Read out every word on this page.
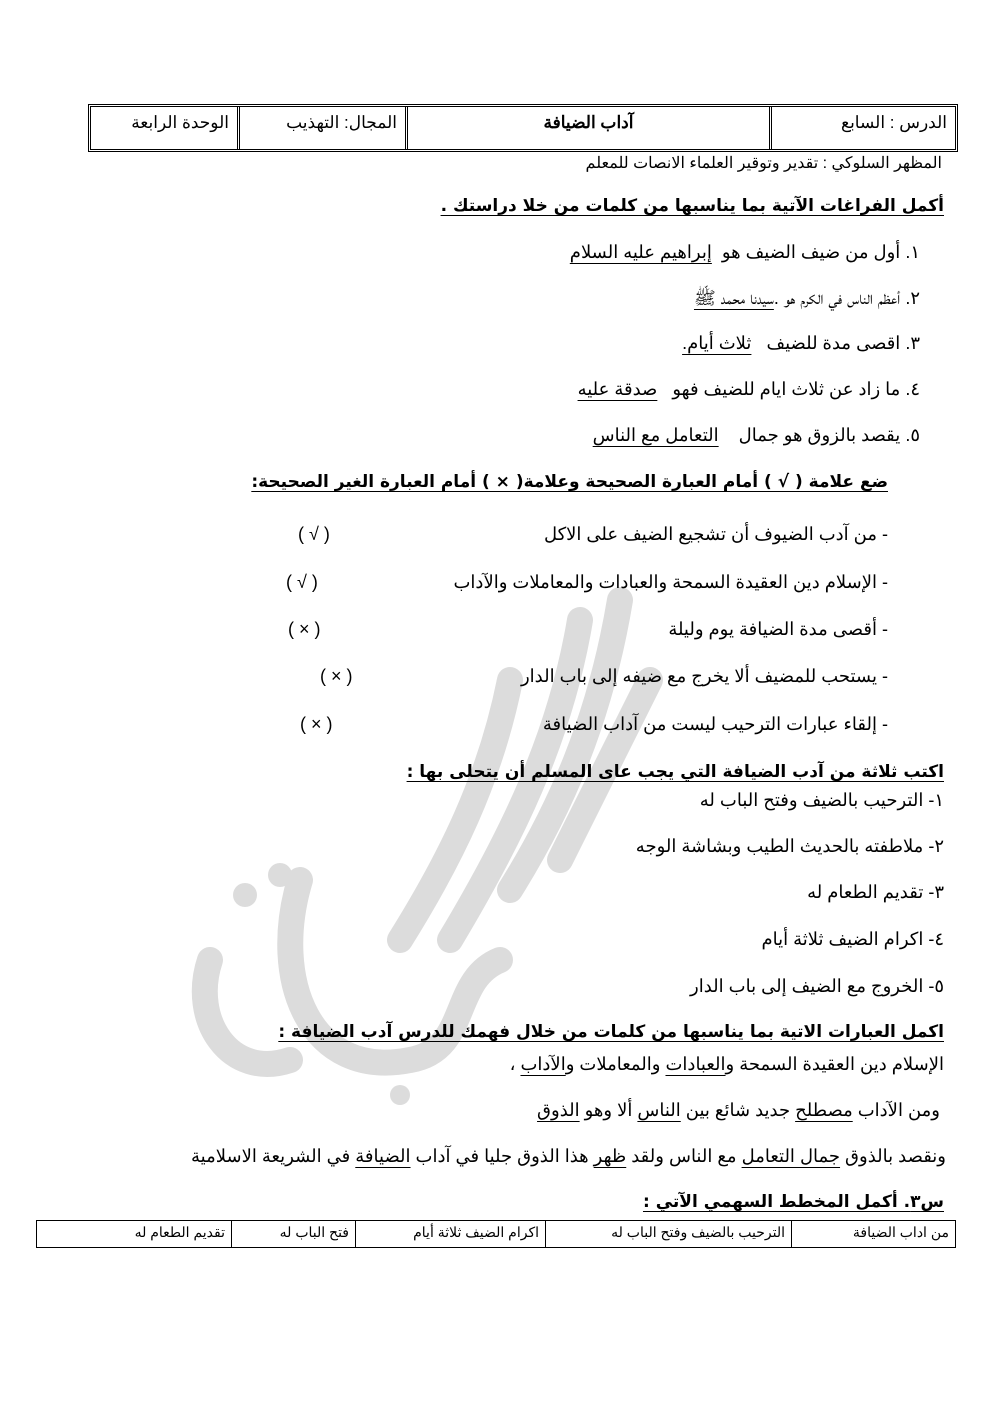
الدرس : السابع
آداب الضيافة
المجال: التهذيب
الوحدة الرابعة
المظهر السلوكي : تقدير وتوقير العلماء الانصات للمعلم
أكمل الفراغات الآتية بما يناسبها من كلمات من خلا دراستك .
١. أول من ضيف الضيف هو  إبراهيم عليه السلام
٢. أعظم الناس في الكرم هو .سيدنا محمد ﷺ
٣. اقصى مدة للضيف   ثلاث أيام.
٤. ما زاد عن ثلاث ايام للضيف فهو   صدقة عليه
٥. يقصد بالزوق هو جمال    التعامل مع الناس
ضع علامة ( √ ) أمام العبارة الصحيحة وعلامة( × ) أمام العبارة الغير الصحيحة:
- من آدب الضيوف أن تشجيع الضيف على الاكل
( √ )
- الإسلام دين العقيدة السمحة والعبادات والمعاملات والآداب
( √ )
- أقصى مدة الضيافة يوم وليلة
( × )
- يستحب للمضيف ألا يخرج مع ضيفه إلى باب الدار
( × )
- إلقاء عبارات الترحيب ليست من آداب الضيافة
( × )
اكتب ثلاثة من آدب الضيافة التي يجب عاى المسلم أن يتحلى بها :
١- الترحيب بالضيف وفتح الباب له
٢- ملاطفته بالحديث الطيب وبشاشة الوجه
٣- تقديم الطعام له
٤- اكرام الضيف ثلاثة أيام
٥- الخروج مع الضيف إلى باب الدار
اكمل العبارات الاتية بما يناسبها من كلمات من خلال فهمك للدرس آدب الضيافة :
الإسلام دين العقيدة السمحة والعبادات والمعاملات والآداب ،
ومن الآداب مصطلح جديد شائع بين الناس ألا وهو الذوق
ونقصد بالذوق جمال التعامل مع الناس ولقد ظهر هذا الذوق جليا في آداب الضيافة في الشريعة الاسلامية
س٣. أكمل المخطط السهمي الآتي :
من اداب الضيافة
الترحيب بالضيف وفتح الباب له
اكرام الضيف ثلاثة أيام
فتح الباب له
تقديم الطعام له
